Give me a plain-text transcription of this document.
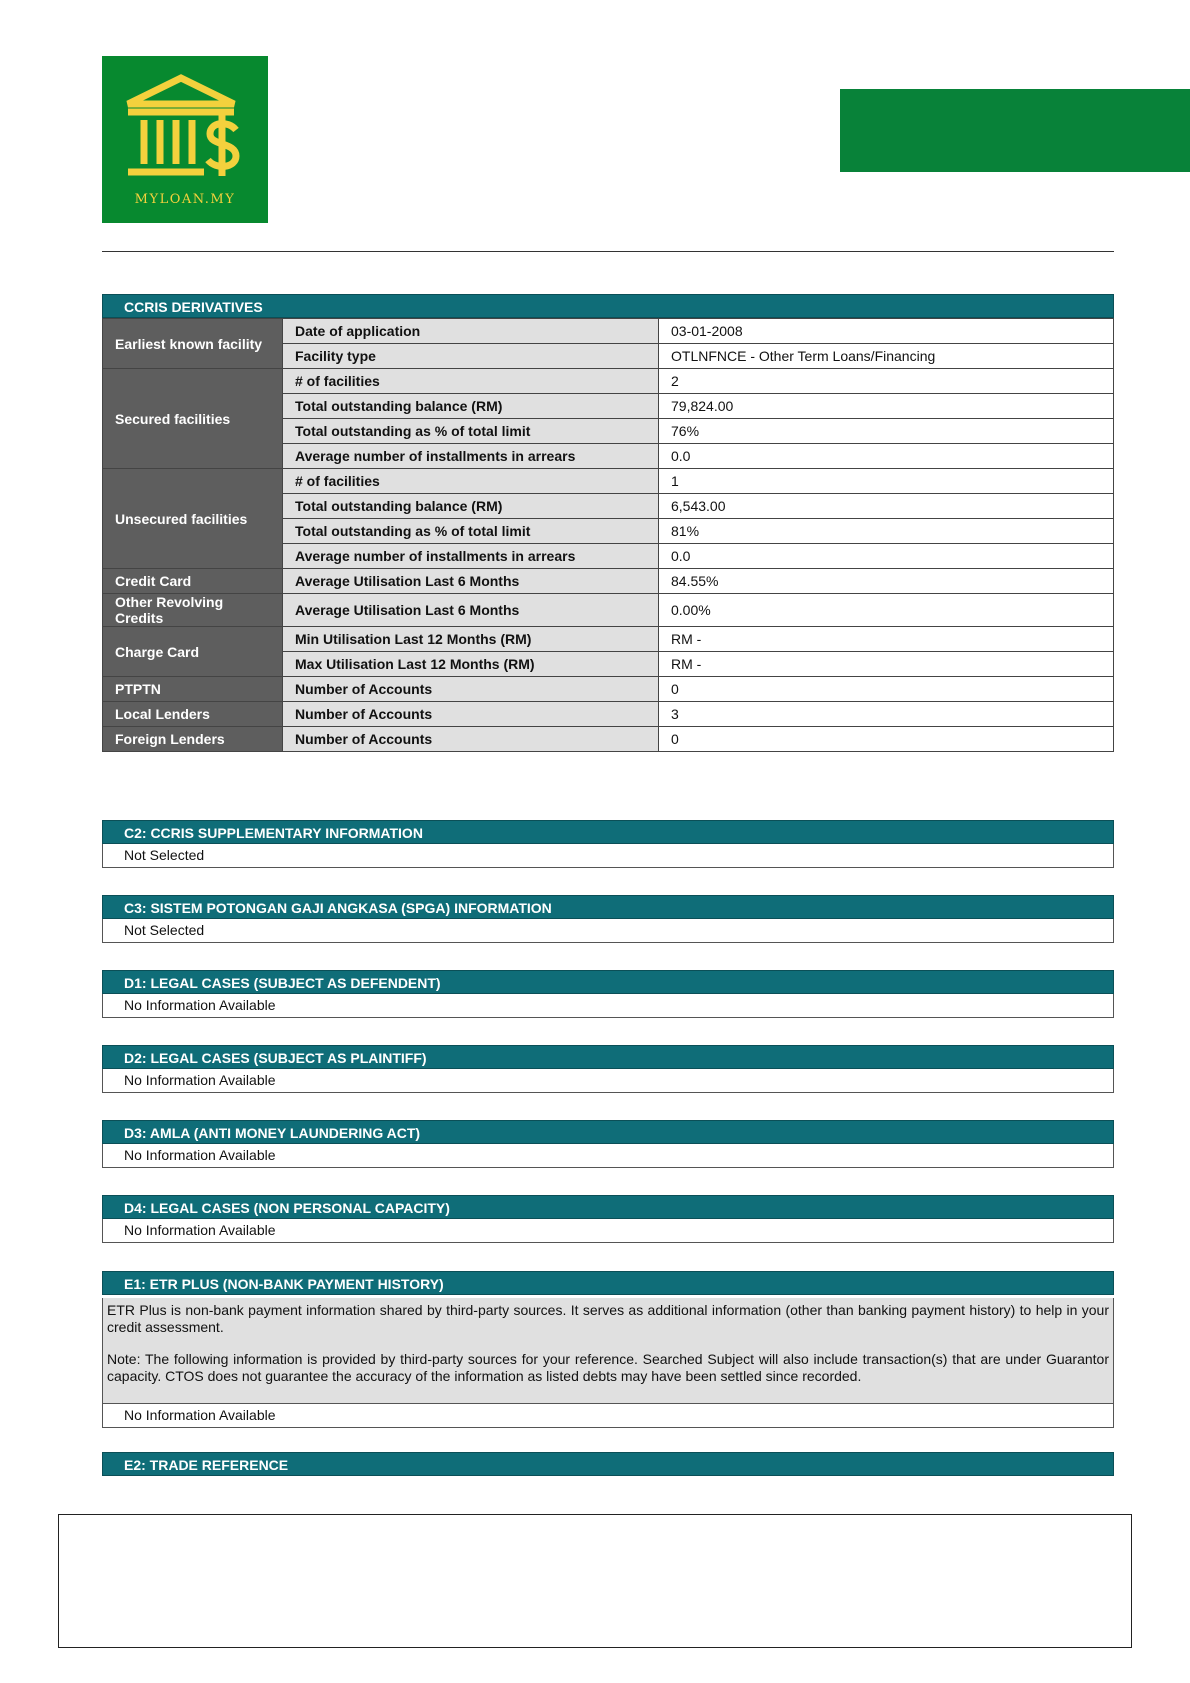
MYLOAN.MY
CCRIS DERIVATIVES
Earliest known facility	Date of application	03-01-2008
	Facility type	OTLNFNCE - Other Term Loans/Financing
Secured facilities	# of facilities	2
	Total outstanding balance (RM)	79,824.00
	Total outstanding as % of total limit	76%
	Average number of installments in arrears	0.0
Unsecured facilities	# of facilities	1
	Total outstanding balance (RM)	6,543.00
	Total outstanding as % of total limit	81%
	Average number of installments in arrears	0.0
Credit Card	Average Utilisation Last 6 Months	84.55%
Other Revolving Credits	Average Utilisation Last 6 Months	0.00%
Charge Card	Min Utilisation Last 12 Months (RM)	RM -
	Max Utilisation Last 12 Months (RM)	RM -
PTPTN	Number of Accounts	0
Local Lenders	Number of Accounts	3
Foreign Lenders	Number of Accounts	0
C2: CCRIS SUPPLEMENTARY INFORMATION
Not Selected
C3: SISTEM POTONGAN GAJI ANGKASA (SPGA) INFORMATION
Not Selected
D1: LEGAL CASES (SUBJECT AS DEFENDENT)
No Information Available
D2: LEGAL CASES (SUBJECT AS PLAINTIFF)
No Information Available
D3: AMLA (ANTI MONEY LAUNDERING ACT)
No Information Available
D4: LEGAL CASES (NON PERSONAL CAPACITY)
No Information Available
E1: ETR PLUS (NON-BANK PAYMENT HISTORY)

ETR Plus is non-bank payment information shared by third-party sources. It serves as additional information (other than banking payment history) to help in your credit assessment.

Note: The following information is provided by third-party sources for your reference. Searched Subject will also include transaction(s) that are under Guarantor capacity. CTOS does not guarantee the accuracy of the information as listed debts may have been settled since recorded.

No Information Available
E2: TRADE REFERENCE
